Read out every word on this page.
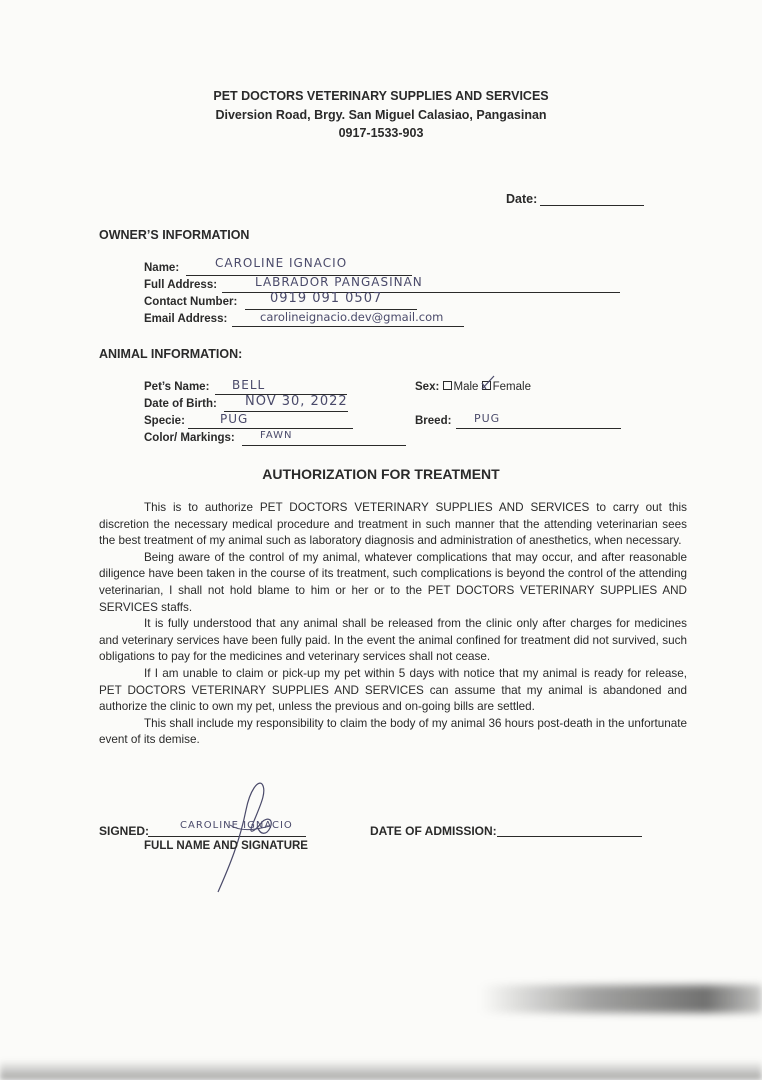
PET DOCTORS VETERINARY SUPPLIES AND SERVICES
Diversion Road, Brgy. San Miguel Calasiao, Pangasinan
0917-1533-903
Date:
OWNER’S INFORMATION
Name:	CAROLINE IGNACIO
Full Address:	LABRADOR PANGASINAN
Contact Number:	0919 091 0507
Email Address:	carolineignacio.dev@gmail.com
ANIMAL INFORMATION:
Pet’s Name: BELL
Date of Birth: NOV 30, 2022
Specie:	PUG
Color/ Markings:	FAWN
Sex: Male Female
Breed: PUG
AUTHORIZATION FOR TREATMENT

This is to authorize PET DOCTORS VETERINARY SUPPLIES AND SERVICES to carry out this discretion the necessary medical procedure and treatment in such manner that the attending veterinarian sees the best treatment of my animal such as laboratory diagnosis and administration of anesthetics, when necessary.

Being aware of the control of my animal, whatever complications that may occur, and after reasonable diligence have been taken in the course of its treatment, such complications is beyond the control of the attending veterinarian, I shall not hold blame to him or her or to the PET DOCTORS VETERINARY SUPPLIES AND SERVICES staffs.

It is fully understood that any animal shall be released from the clinic only after charges for medicines and veterinary services have been fully paid. In the event the animal confined for treatment did not survived, such obligations to pay for the medicines and veterinary services shall not cease.

If I am unable to claim or pick-up my pet within 5 days with notice that my animal is ready for release, PET DOCTORS VETERINARY SUPPLIES AND SERVICES can assume that my animal is abandoned and authorize the clinic to own my pet, unless the previous and on-going bills are settled.

This shall include my responsibility to claim the body of my animal 36 hours post-death in the unfortunate event of its demise.

SIGNED:	CAROLINE IGNACIO
FULL NAME AND SIGNATURE
DATE OF ADMISSION:
